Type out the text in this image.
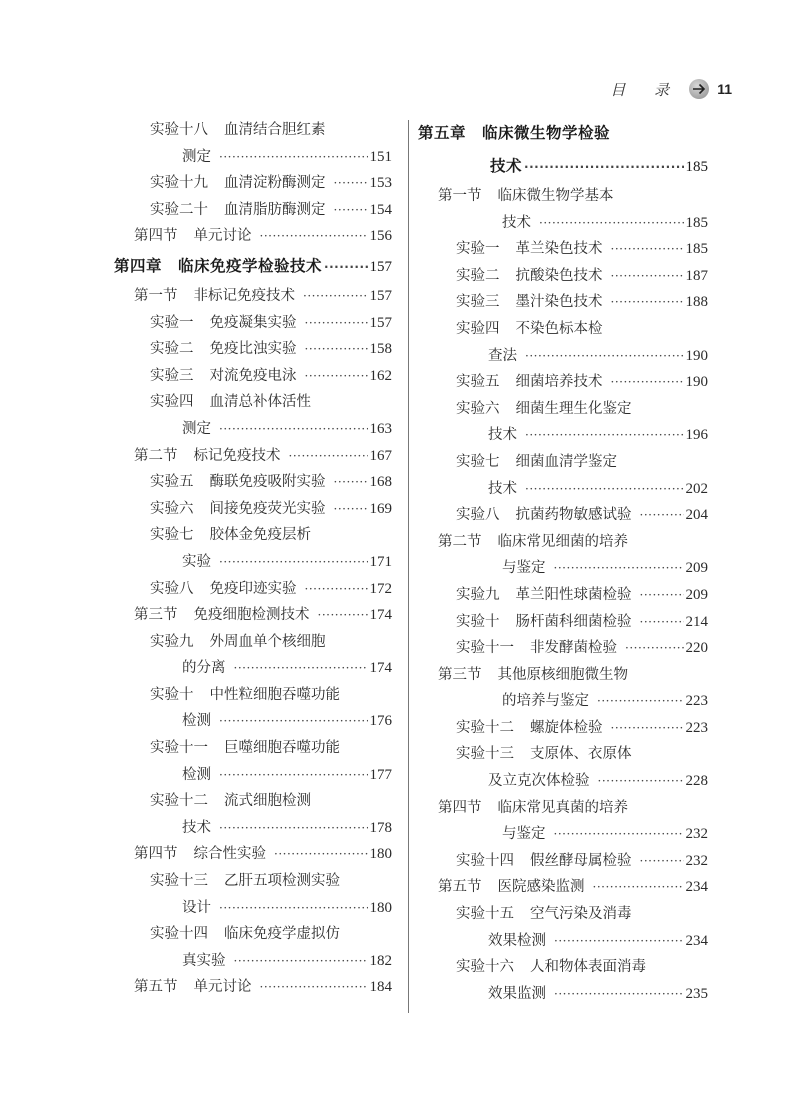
目 录	11
实验十八 血清结合胆红素
测定 ·····	151
实验十九 血清淀粉酶测定 ·····	153
实验二十 血清脂肪酶测定 ·····	154
第四节 单元讨论 ·····	156
第四章 临床免疫学检验技术 ·····	157
第一节 非标记免疫技术 ·····	157
实验一 免疫凝集实验 ·····	157
实验二 免疫比浊实验 ·····	158
实验三 对流免疫电泳 ·····	162
实验四 血清总补体活性
测定 ·····	163
第二节 标记免疫技术 ·····	167
实验五 酶联免疫吸附实验 ·····	168
实验六 间接免疫荧光实验 ·····	169
实验七 胶体金免疫层析
实验 ·····	171
实验八 免疫印迹实验 ·····	172
第三节 免疫细胞检测技术 ·····	174
实验九 外周血单个核细胞
的分离 ·····	174
实验十 中性粒细胞吞噬功能
检测 ·····	176
实验十一 巨噬细胞吞噬功能
检测 ·····	177
实验十二 流式细胞检测
技术 ·····	178
第四节 综合性实验 ·····	180
实验十三 乙肝五项检测实验
设计 ·····	180
实验十四 临床免疫学虚拟仿
真实验 ·····	182
第五节 单元讨论 ·····	184
第五章 临床微生物学检验
技术 ·····	185
第一节 临床微生物学基本
技术 ·····	185
实验一 革兰染色技术 ·····	185
实验二 抗酸染色技术 ·····	187
实验三 墨汁染色技术 ·····	188
实验四 不染色标本检
查法 ·····	190
实验五 细菌培养技术 ·····	190
实验六 细菌生理生化鉴定
技术 ·····	196
实验七 细菌血清学鉴定
技术 ·····	202
实验八 抗菌药物敏感试验 ·····	204
第二节 临床常见细菌的培养
与鉴定 ·····	209
实验九 革兰阳性球菌检验 ·····	209
实验十 肠杆菌科细菌检验 ·····	214
实验十一 非发酵菌检验 ·····	220
第三节 其他原核细胞微生物
的培养与鉴定 ·····	223
实验十二 螺旋体检验 ·····	223
实验十三 支原体、衣原体
及立克次体检验 ·····	228
第四节 临床常见真菌的培养
与鉴定 ·····	232
实验十四 假丝酵母属检验 ·····	232
第五节 医院感染监测 ·····	234
实验十五 空气污染及消毒
效果检测 ·····	234
实验十六 人和物体表面消毒
效果监测 ·····	235
